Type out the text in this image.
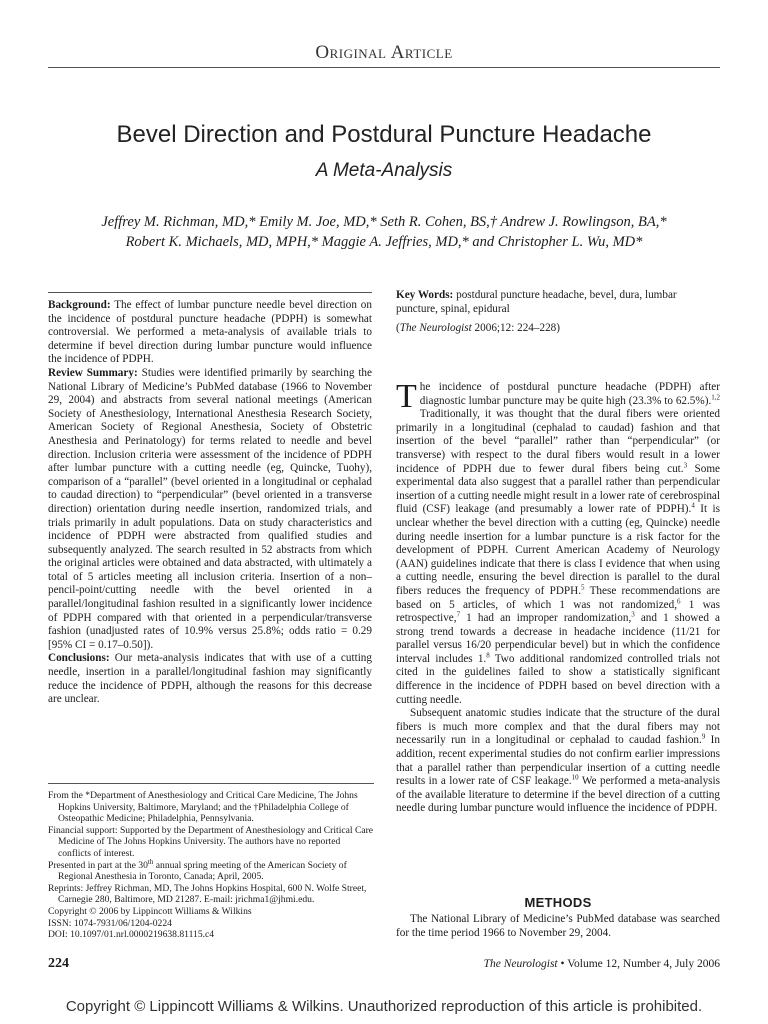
Original Article
Bevel Direction and Postdural Puncture Headache
A Meta-Analysis
Jeffrey M. Richman, MD,* Emily M. Joe, MD,* Seth R. Cohen, BS,† Andrew J. Rowlingson, BA,*
Robert K. Michaels, MD, MPH,* Maggie A. Jeffries, MD,* and Christopher L. Wu, MD*

Background: The effect of lumbar puncture needle bevel direction on the incidence of postdural puncture headache (PDPH) is somewhat controversial. We performed a meta-analysis of available trials to determine if bevel direction during lumbar puncture would influence the incidence of PDPH.

Review Summary: Studies were identified primarily by searching the National Library of Medicine’s PubMed database (1966 to November 29, 2004) and abstracts from several national meetings (American Society of Anesthesiology, International Anesthesia Research Society, American Society of Regional Anesthesia, Society of Obstetric Anesthesia and Perinatology) for terms related to needle and bevel direction. Inclusion criteria were assessment of the incidence of PDPH after lumbar puncture with a cutting needle (eg, Quincke, Tuohy), comparison of a “parallel” (bevel oriented in a longitudinal or cephalad to caudad direction) to “perpendicular” (bevel oriented in a transverse direction) orientation during needle insertion, randomized trials, and trials primarily in adult populations. Data on study characteristics and incidence of PDPH were abstracted from qualified studies and subsequently analyzed. The search resulted in 52 abstracts from which the original articles were obtained and data abstracted, with ultimately a total of 5 articles meeting all inclusion criteria. Insertion of a non–pencil-point/cutting needle with the bevel oriented in a parallel/longitudinal fashion resulted in a significantly lower incidence of PDPH compared with that oriented in a perpendicular/transverse fashion (unadjusted rates of 10.9% versus 25.8%; odds ratio = 0.29 [95% CI = 0.17–0.50]).

Conclusions: Our meta-analysis indicates that with use of a cutting needle, insertion in a parallel/longitudinal fashion may significantly reduce the incidence of PDPH, although the reasons for this decrease are unclear.

From the *Department of Anesthesiology and Critical Care Medicine, The Johns Hopkins University, Baltimore, Maryland; and the †Philadelphia College of Osteopathic Medicine; Philadelphia, Pennsylvania.

Financial support: Supported by the Department of Anesthesiology and Critical Care Medicine of The Johns Hopkins University. The authors have no reported conflicts of interest.

Presented in part at the 30th annual spring meeting of the American Society of Regional Anesthesia in Toronto, Canada; April, 2005.

Reprints: Jeffrey Richman, MD, The Johns Hopkins Hospital, 600 N. Wolfe Street, Carnegie 280, Baltimore, MD 21287. E-mail: jrichma1@jhmi.edu.

Copyright © 2006 by Lippincott Williams & Wilkins

ISSN: 1074-7931/06/1204-0224

DOI: 10.1097/01.nrl.0000219638.81115.c4

Key Words: postdural puncture headache, bevel, dura, lumbar puncture, spinal, epidural

(The Neurologist 2006;12: 224–228)

The incidence of postdural puncture headache (PDPH) after diagnostic lumbar puncture may be quite high (23.3% to 62.5%).$^{1,2}$ Traditionally, it was thought that the dural fibers were oriented primarily in a longitudinal (cephalad to caudad) fashion and that insertion of the bevel “parallel” rather than “perpendicular” (or transverse) with respect to the dural fibers would result in a lower incidence of PDPH due to fewer dural fibers being cut.$^3$ Some experimental data also suggest that a parallel rather than perpendicular insertion of a cutting needle might result in a lower rate of cerebrospinal fluid (CSF) leakage (and presumably a lower rate of PDPH).$^4$ It is unclear whether the bevel direction with a cutting (eg, Quincke) needle during needle insertion for a lumbar puncture is a risk factor for the development of PDPH. Current American Academy of Neurology (AAN) guidelines indicate that there is class I evidence that when using a cutting needle, ensuring the bevel direction is parallel to the dural fibers reduces the frequency of PDPH.$^5$ These recommendations are based on 5 articles, of which 1 was not randomized,$^6$ 1 was retrospective,$^7$ 1 had an improper randomization,$^3$ and 1 showed a strong trend towards a decrease in headache incidence (11/21 for parallel versus 16/20 perpendicular bevel) but in which the confidence interval includes 1.$^8$ Two additional randomized controlled trials not cited in the guidelines failed to show a statistically significant difference in the incidence of PDPH based on bevel direction with a cutting needle.

Subsequent anatomic studies indicate that the structure of the dural fibers is much more complex and that the dural fibers may not necessarily run in a longitudinal or cephalad to caudad fashion.$^9$ In addition, recent experimental studies do not confirm earlier impressions that a parallel rather than perpendicular insertion of a cutting needle results in a lower rate of CSF leakage.$^{10}$ We performed a meta-analysis of the available literature to determine if the bevel direction of a cutting needle during lumbar puncture would influence the incidence of PDPH.

METHODS

The National Library of Medicine’s PubMed database was searched for the time period 1966 to November 29, 2004.

224	The Neurologist • Volume 12, Number 4, July 2006
Copyright © Lippincott Williams & Wilkins. Unauthorized reproduction of this article is prohibited.
